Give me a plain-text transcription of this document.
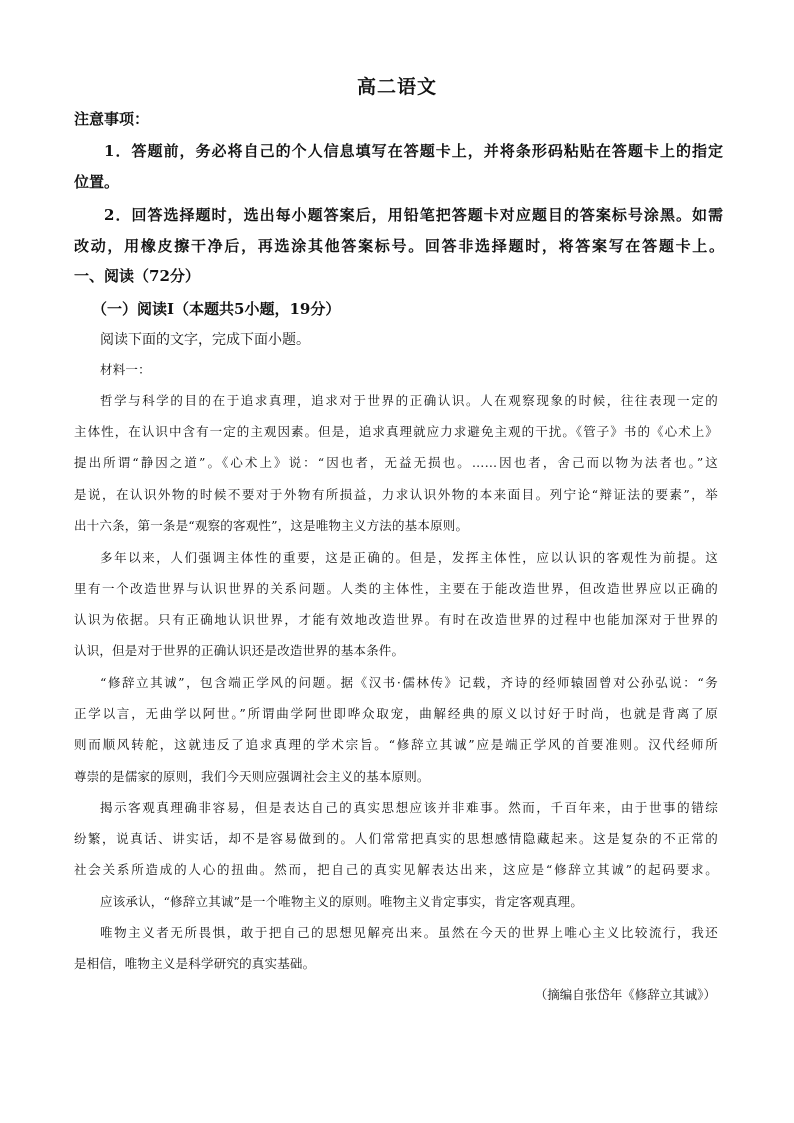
高二语文
注意事项：
1．答题前，务必将自己的个人信息填写在答题卡上，并将条形码粘贴在答题卡上的指定
位置。
2．回答选择题时，选出每小题答案后，用铅笔把答题卡对应题目的答案标号涂黑。如需
改动，用橡皮擦干净后，再选涂其他答案标号。回答非选择题时，将答案写在答题卡上。
一、阅读（72分）
（一）阅读Ⅰ（本题共5小题，19分）
阅读下面的文字，完成下面小题。
材料一：
哲学与科学的目的在于追求真理，追求对于世界的正确认识。人在观察现象的时候，往往表现一定的
主体性，在认识中含有一定的主观因素。但是，追求真理就应力求避免主观的干扰。《管子》书的《心术上》
提出所谓“静因之道”。《心术上》说：“因也者，无益无损也。……因也者，舍己而以物为法者也。”这
是说，在认识外物的时候不要对于外物有所损益，力求认识外物的本来面目。列宁论“辩证法的要素”，举
出十六条，第一条是“观察的客观性”，这是唯物主义方法的基本原则。
多年以来，人们强调主体性的重要，这是正确的。但是，发挥主体性，应以认识的客观性为前提。这
里有一个改造世界与认识世界的关系问题。人类的主体性，主要在于能改造世界，但改造世界应以正确的
认识为依据。只有正确地认识世界，才能有效地改造世界。有时在改造世界的过程中也能加深对于世界的
认识，但是对于世界的正确认识还是改造世界的基本条件。
“修辞立其诚”，包含端正学风的问题。据《汉书·儒林传》记载，齐诗的经师辕固曾对公孙弘说：“务
正学以言，无曲学以阿世。”所谓曲学阿世即哗众取宠，曲解经典的原义以讨好于时尚，也就是背离了原
则而顺风转舵，这就违反了追求真理的学术宗旨。“修辞立其诚”应是端正学风的首要准则。汉代经师所
尊崇的是儒家的原则，我们今天则应强调社会主义的基本原则。
揭示客观真理确非容易，但是表达自己的真实思想应该并非难事。然而，千百年来，由于世事的错综
纷繁，说真话、讲实话，却不是容易做到的。人们常常把真实的思想感情隐藏起来。这是复杂的不正常的
社会关系所造成的人心的扭曲。然而，把自己的真实见解表达出来，这应是“修辞立其诚”的起码要求。
应该承认，“修辞立其诚”是一个唯物主义的原则。唯物主义肯定事实，肯定客观真理。
唯物主义者无所畏惧，敢于把自己的思想见解亮出来。虽然在今天的世界上唯心主义比较流行，我还
是相信，唯物主义是科学研究的真实基础。
（摘编自张岱年《修辞立其诚》）
